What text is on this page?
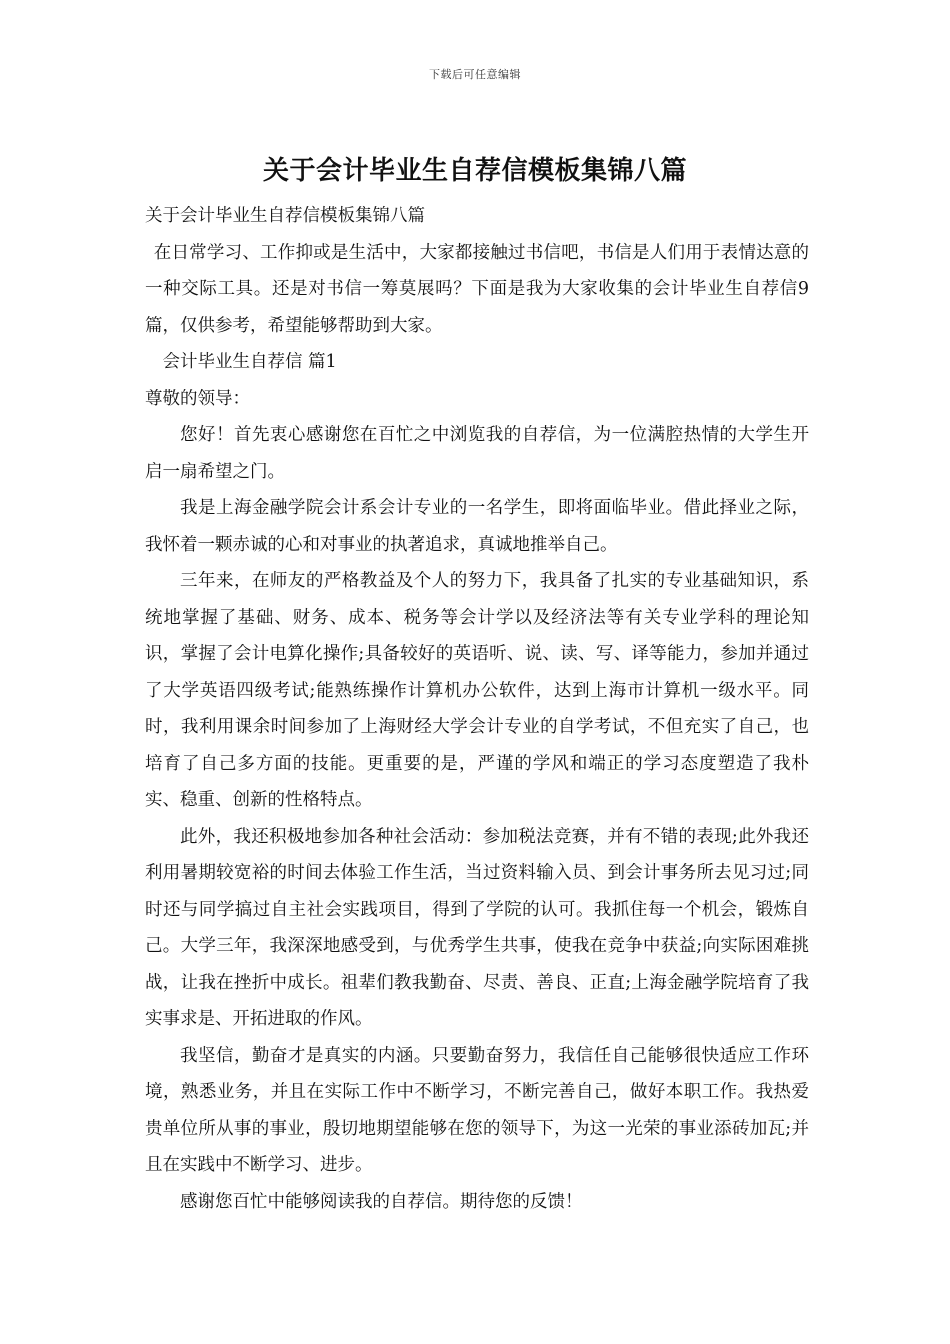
下载后可任意编辑
关于会计毕业生自荐信模板集锦八篇

关于会计毕业生自荐信模板集锦八篇

在日常学习、工作抑或是生活中，大家都接触过书信吧，书信是人们用于表情达意的一种交际工具。还是对书信一筹莫展吗？下面是我为大家收集的会计毕业生自荐信9篇，仅供参考，希望能够帮助到大家。

会计毕业生自荐信 篇1

尊敬的领导：

您好！首先衷心感谢您在百忙之中浏览我的自荐信，为一位满腔热情的大学生开启一扇希望之门。

我是上海金融学院会计系会计专业的一名学生，即将面临毕业。借此择业之际，我怀着一颗赤诚的心和对事业的执著追求，真诚地推举自己。

三年来，在师友的严格教益及个人的努力下，我具备了扎实的专业基础知识，系统地掌握了基础、财务、成本、税务等会计学以及经济法等有关专业学科的理论知识，掌握了会计电算化操作;具备较好的英语听、说、读、写、译等能力，参加并通过了大学英语四级考试;能熟练操作计算机办公软件，达到上海市计算机一级水平。同时，我利用课余时间参加了上海财经大学会计专业的自学考试，不但充实了自己，也培育了自己多方面的技能。更重要的是，严谨的学风和端正的学习态度塑造了我朴实、稳重、创新的性格特点。

此外，我还积极地参加各种社会活动：参加税法竞赛，并有不错的表现;此外我还利用暑期较宽裕的时间去体验工作生活，当过资料输入员、到会计事务所去见习过;同时还与同学搞过自主社会实践项目，得到了学院的认可。我抓住每一个机会，锻炼自己。大学三年，我深深地感受到，与优秀学生共事，使我在竞争中获益;向实际困难挑战，让我在挫折中成长。祖辈们教我勤奋、尽责、善良、正直;上海金融学院培育了我实事求是、开拓进取的作风。

我坚信，勤奋才是真实的内涵。只要勤奋努力，我信任自己能够很快适应工作环境，熟悉业务，并且在实际工作中不断学习，不断完善自己，做好本职工作。我热爱贵单位所从事的事业，殷切地期望能够在您的领导下，为这一光荣的事业添砖加瓦;并且在实践中不断学习、进步。

感谢您百忙中能够阅读我的自荐信。期待您的反馈！
